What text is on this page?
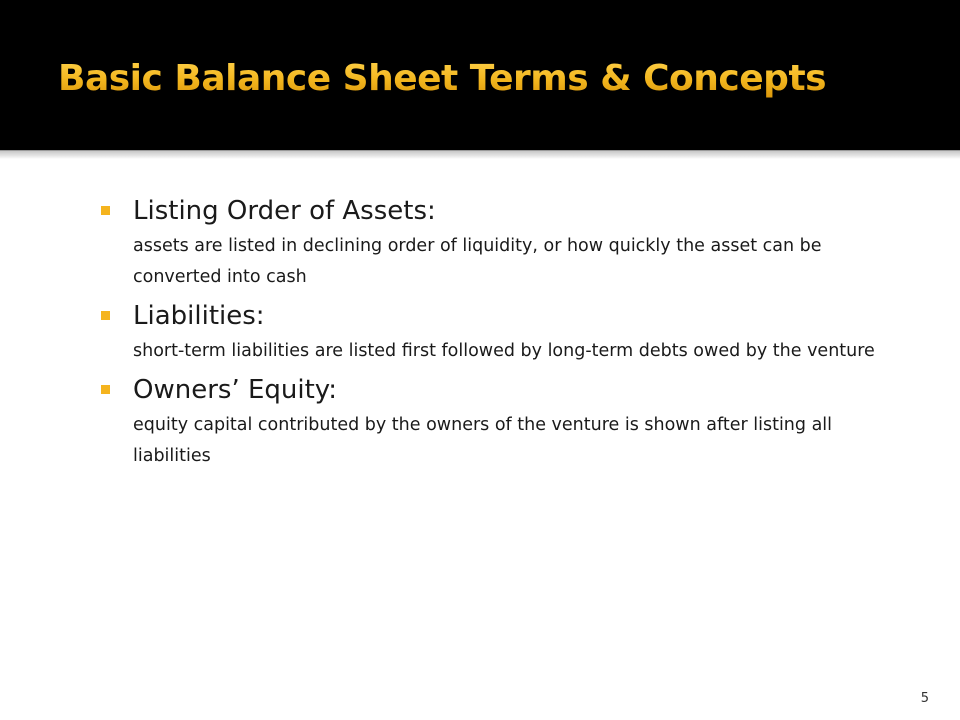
Basic Balance Sheet Terms & Concepts
Listing Order of Assets:
assets are listed in declining order of liquidity, or how quickly the asset can be converted into cash
Liabilities:
short-term liabilities are listed first followed by long-term debts owed by the venture
Owners’ Equity:
equity capital contributed by the owners of the venture is shown after listing all liabilities
5
